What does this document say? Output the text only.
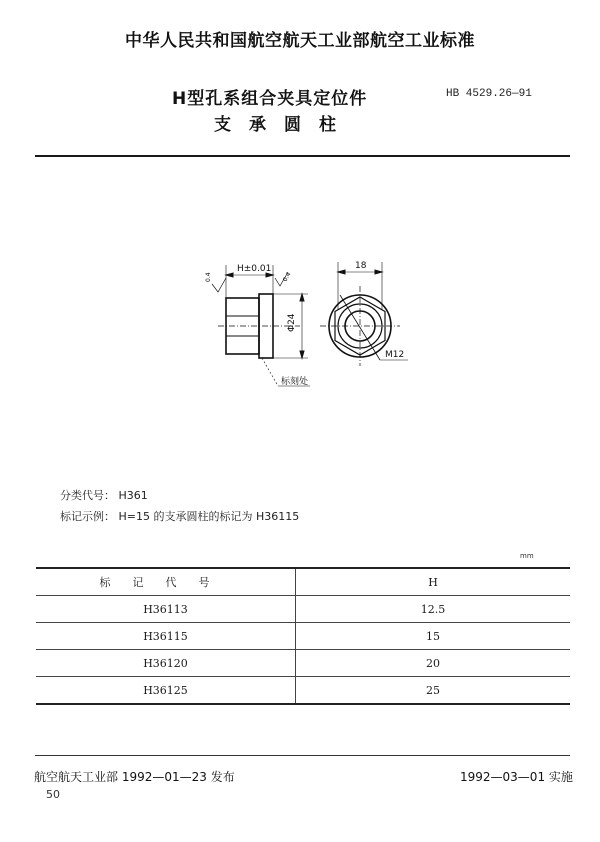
中华人民共和国航空航天工业部航空工业标准
H型孔系组合夹具定位件
支承圆柱
HB 4529.26—91
H±0.01	18
Φ24
M12
标刻处
0.4	0.4
分类代号： H361
标记示例： H=15 的支承圆柱的标记为 H36115
mm
标记代号	H
H36113	12.5
H36115	15
H36120	20
H36125	25
航空航天工业部 1992—01—23 发布	1992—03—01 实施
50
